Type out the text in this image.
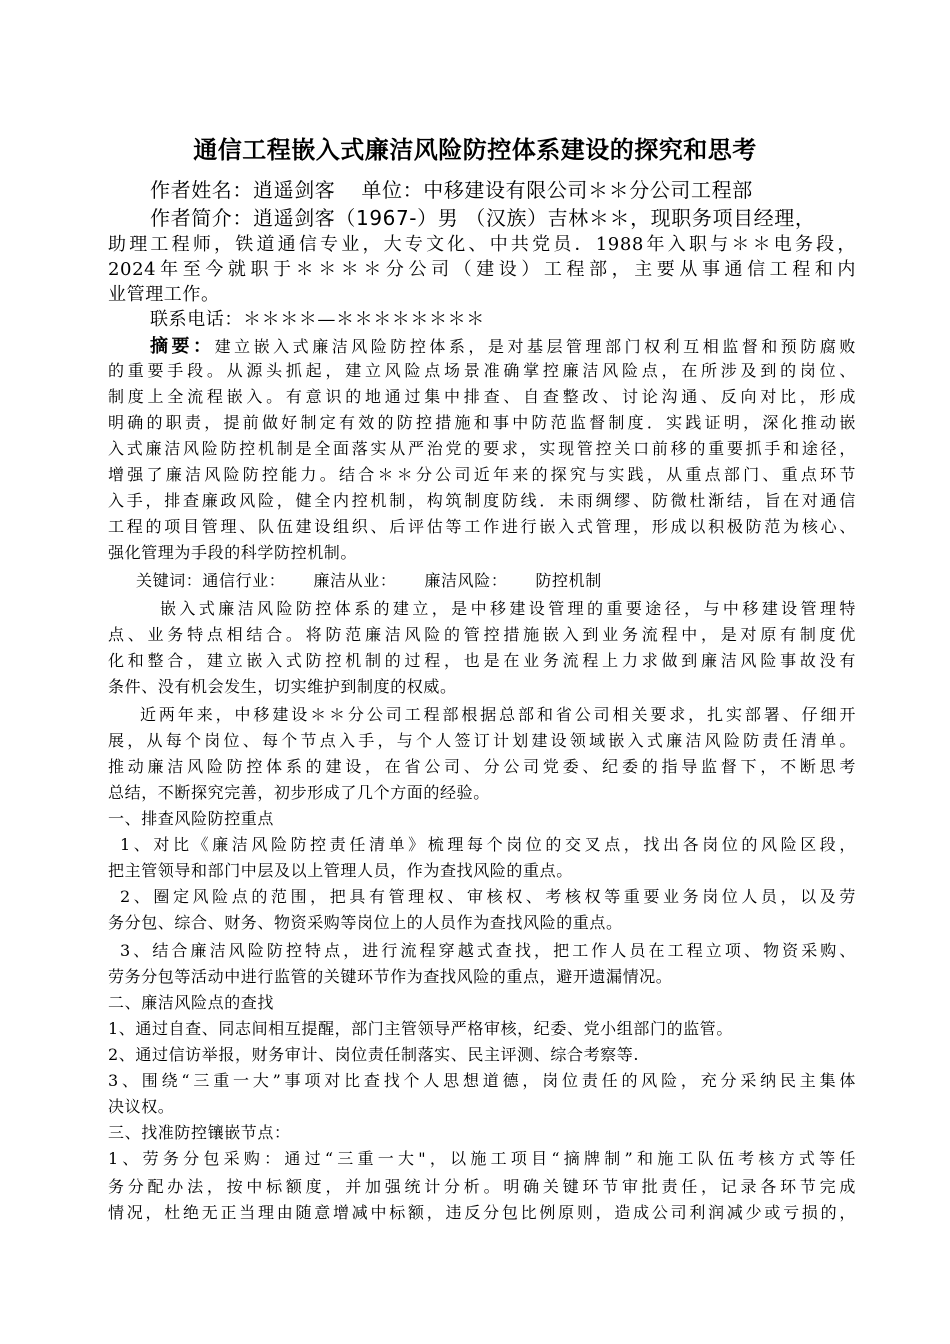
通信工程嵌入式廉洁风险防控体系建设的探究和思考
作者姓名：逍遥剑客 单位：中移建设有限公司＊＊分公司工程部
作者简介：逍遥剑客（1967-）男 （汉族）吉林＊＊，现职务项目经理，
助理工程师，铁道通信专业，大专文化、中共党员．1988年入职与＊＊电务段，
2024年至今就职于＊＊＊＊分公司（建设）工程部，主要从事通信工程和内
业管理工作。
联系电话：＊＊＊＊—＊＊＊＊＊＊＊＊
摘要：建立嵌入式廉洁风险防控体系，是对基层管理部门权利互相监督和预防腐败
的重要手段。从源头抓起，建立风险点场景准确掌控廉洁风险点，在所涉及到的岗位、
制度上全流程嵌入。有意识的地通过集中排查、自查整改、讨论沟通、反向对比，形成
明确的职责，提前做好制定有效的防控措施和事中防范监督制度．实践证明，深化推动嵌
入式廉洁风险防控机制是全面落实从严治党的要求，实现管控关口前移的重要抓手和途径，
增强了廉洁风险防控能力。结合＊＊分公司近年来的探究与实践，从重点部门、重点环节
入手，排查廉政风险，健全内控机制，构筑制度防线．未雨绸缪、防微杜渐结，旨在对通信
工程的项目管理、队伍建设组织、后评估等工作进行嵌入式管理，形成以积极防范为核心、
强化管理为手段的科学防控机制。
关键词：通信行业： 廉洁从业： 廉洁风险： 防控机制
嵌入式廉洁风险防控体系的建立，是中移建设管理的重要途径，与中移建设管理特
点、业务特点相结合。将防范廉洁风险的管控措施嵌入到业务流程中，是对原有制度优
化和整合，建立嵌入式防控机制的过程，也是在业务流程上力求做到廉洁风险事故没有
条件、没有机会发生，切实维护到制度的权威。
近两年来，中移建设＊＊分公司工程部根据总部和省公司相关要求，扎实部署、仔细开
展，从每个岗位、每个节点入手，与个人签订计划建设领域嵌入式廉洁风险防责任清单。
推动廉洁风险防控体系的建设，在省公司、分公司党委、纪委的指导监督下，不断思考
总结，不断探究完善，初步形成了几个方面的经验。
一、排查风险防控重点
1、对比《廉洁风险防控责任清单》梳理每个岗位的交叉点，找出各岗位的风险区段，
把主管领导和部门中层及以上管理人员，作为查找风险的重点。
2、圈定风险点的范围，把具有管理权、审核权、考核权等重要业务岗位人员，以及劳
务分包、综合、财务、物资采购等岗位上的人员作为查找风险的重点。
3、结合廉洁风险防控特点，进行流程穿越式查找，把工作人员在工程立项、物资采购、
劳务分包等活动中进行监管的关键环节作为查找风险的重点，避开遗漏情况。
二、廉洁风险点的查找
1、通过自查、同志间相互提醒，部门主管领导严格审核，纪委、党小组部门的监管。
2、通过信访举报，财务审计、岗位责任制落实、民主评测、综合考察等.
3、围绕“三重一大”事项对比查找个人思想道德，岗位责任的风险，充分采纳民主集体
决议权。
三、找准防控镶嵌节点：
1、劳务分包采购：通过“三重一大"，以施工项目“摘牌制”和施工队伍考核方式等任
务分配办法，按中标额度，并加强统计分析。明确关键环节审批责任，记录各环节完成
情况，杜绝无正当理由随意增减中标额，违反分包比例原则，造成公司利润减少或亏损的，
